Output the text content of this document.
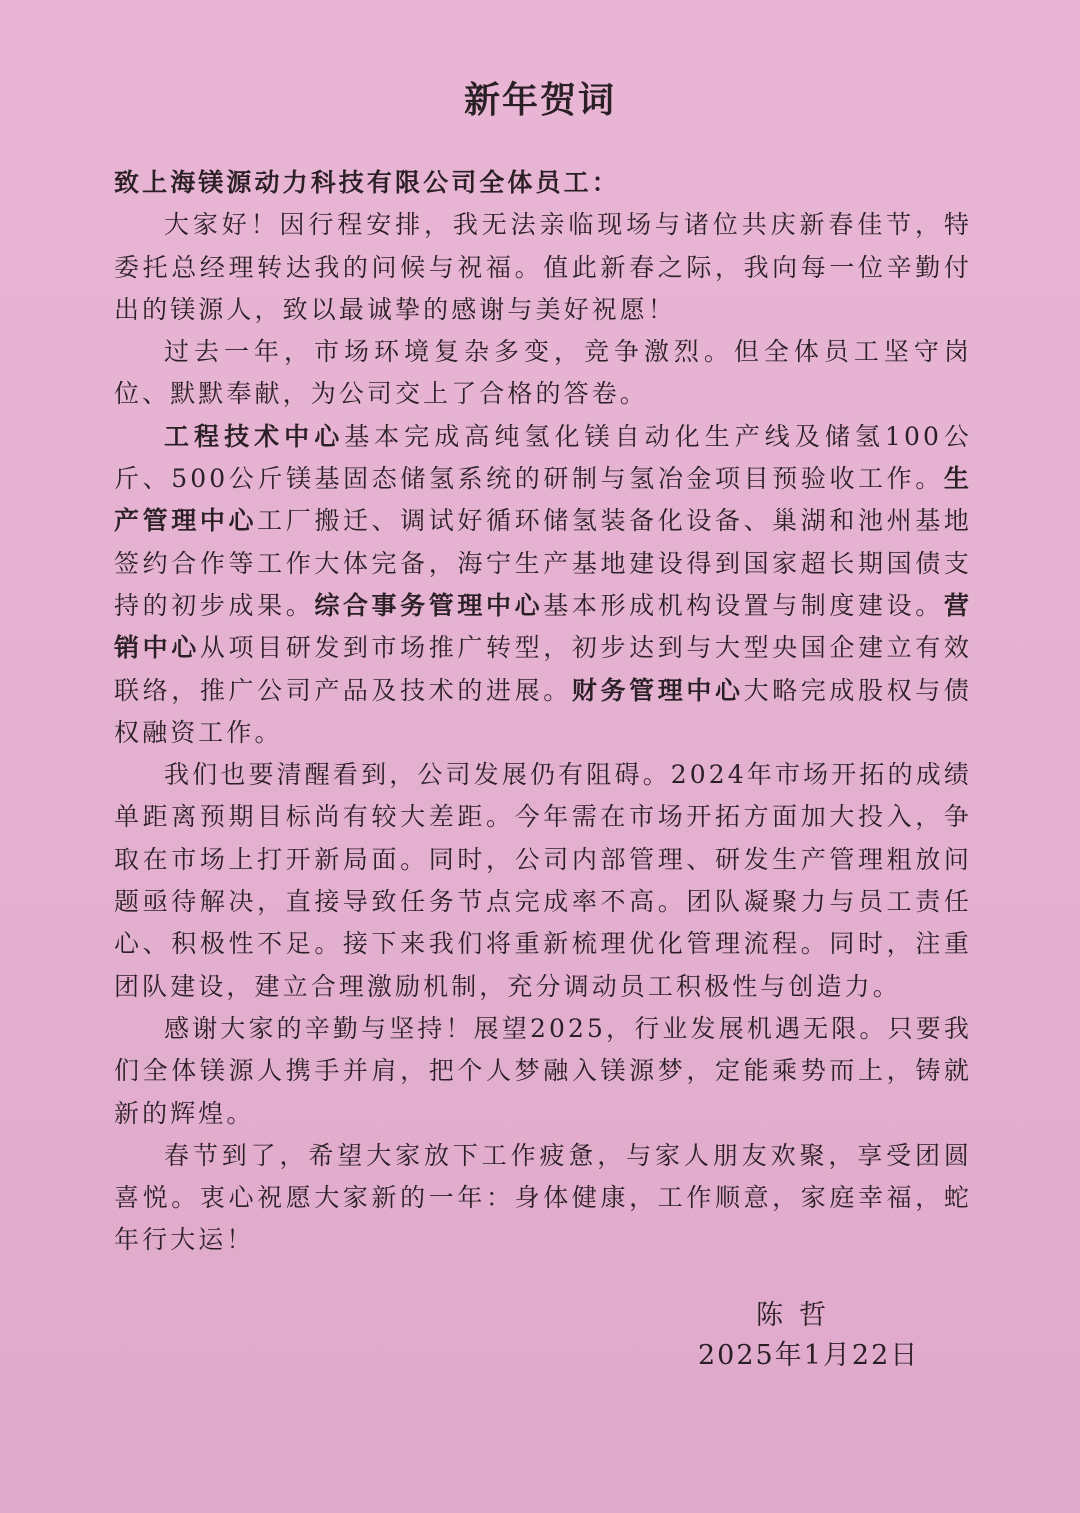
新年贺词

致上海镁源动力科技有限公司全体员工：

大家好！因行程安排，我无法亲临现场与诸位共庆新春佳节，特委托总经理转达我的问候与祝福。值此新春之际，我向每一位辛勤付出的镁源人，致以最诚挚的感谢与美好祝愿！

过去一年，市场环境复杂多变，竞争激烈。但全体员工坚守岗位、默默奉献，为公司交上了合格的答卷。

工程技术中心基本完成高纯氢化镁自动化生产线及储氢100公斤、500公斤镁基固态储氢系统的研制与氢冶金项目预验收工作。生产管理中心工厂搬迁、调试好循环储氢装备化设备、巢湖和池州基地签约合作等工作大体完备，海宁生产基地建设得到国家超长期国债支持的初步成果。综合事务管理中心基本形成机构设置与制度建设。营销中心从项目研发到市场推广转型，初步达到与大型央国企建立有效联络，推广公司产品及技术的进展。财务管理中心大略完成股权与债权融资工作。

我们也要清醒看到，公司发展仍有阻碍。2024年市场开拓的成绩单距离预期目标尚有较大差距。今年需在市场开拓方面加大投入，争取在市场上打开新局面。同时，公司内部管理、研发生产管理粗放问题亟待解决，直接导致任务节点完成率不高。团队凝聚力与员工责任心、积极性不足。接下来我们将重新梳理优化管理流程。同时，注重团队建设，建立合理激励机制，充分调动员工积极性与创造力。

感谢大家的辛勤与坚持！展望2025，行业发展机遇无限。只要我们全体镁源人携手并肩，把个人梦融入镁源梦，定能乘势而上，铸就新的辉煌。

春节到了，希望大家放下工作疲惫，与家人朋友欢聚，享受团圆喜悦。衷心祝愿大家新的一年：身体健康，工作顺意，家庭幸福，蛇年行大运！

陈哲
2025年1月22日
